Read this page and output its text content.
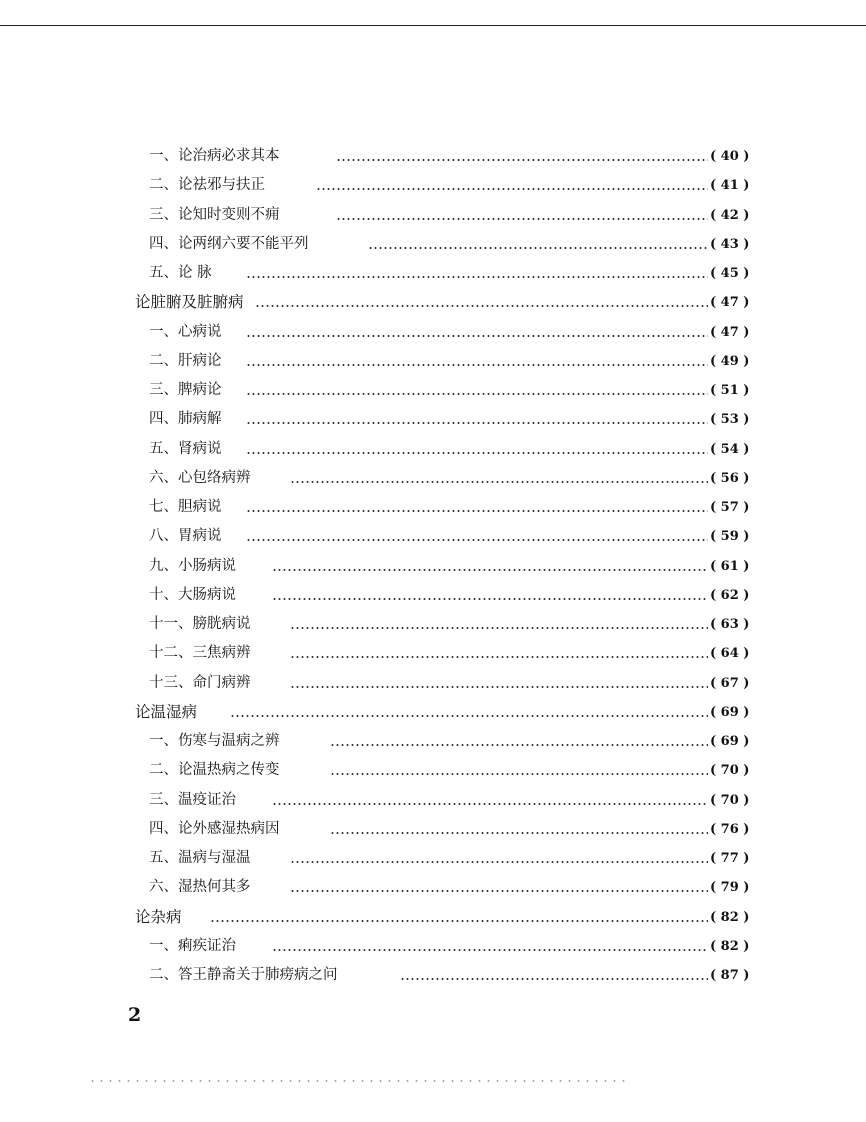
一、论治病必求其本	( 40 )
二、论祛邪与扶正	( 41 )
三、论知时变则不痈	( 42 )
四、论两纲六要不能平列	( 43 )
五、论 脉	( 45 )
论脏腑及脏腑病	( 47 )
一、心病说	( 47 )
二、肝病论	( 49 )
三、脾病论	( 51 )
四、肺病解	( 53 )
五、肾病说	( 54 )
六、心包络病辨	( 56 )
七、胆病说	( 57 )
八、胃病说	( 59 )
九、小肠病说	( 61 )
十、大肠病说	( 62 )
十一、膀胱病说	( 63 )
十二、三焦病辨	( 64 )
十三、命门病辨	( 67 )
论温湿病	( 69 )
一、伤寒与温病之辨	( 69 )
二、论温热病之传变	( 70 )
三、温疫证治	( 70 )
四、论外感湿热病因	( 76 )
五、温病与湿温	( 77 )
六、湿热何其多	( 79 )
论杂病	( 82 )
一、痢疾证治	( 82 )
二、答王静斋关于肺痨病之问	( 87 )
2
